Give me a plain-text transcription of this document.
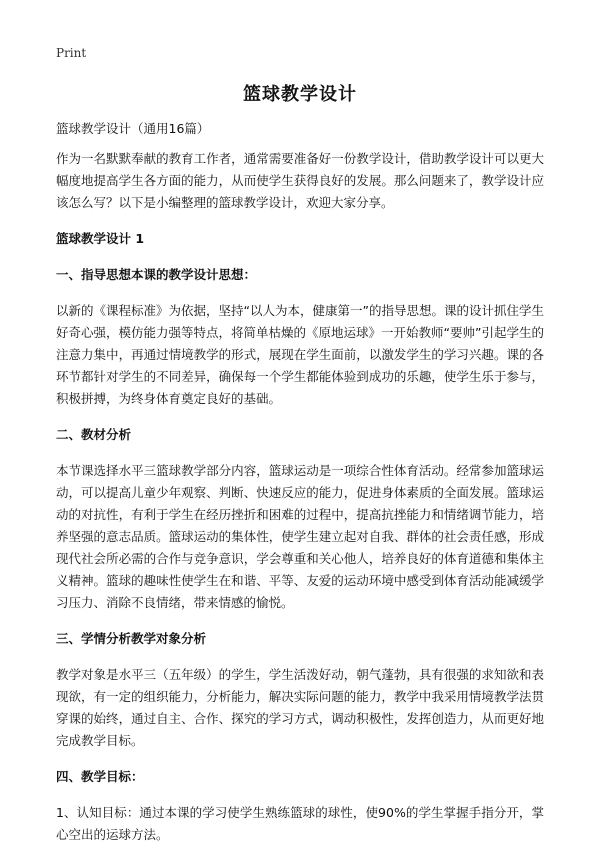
Print
篮球教学设计

篮球教学设计（通用16篇）

作为一名默默奉献的教育工作者，通常需要准备好一份教学设计，借助教学设计可以更大幅度地提高学生各方面的能力，从而使学生获得良好的发展。那么问题来了，教学设计应该怎么写？以下是小编整理的篮球教学设计，欢迎大家分享。

篮球教学设计 1

一、指导思想本课的教学设计思想：

以新的《课程标准》为依据，坚持“以人为本，健康第一”的指导思想。课的设计抓住学生好奇心强，模仿能力强等特点，将简单枯燥的《原地运球》一开始教师“要帅”引起学生的注意力集中，再通过情境教学的形式，展现在学生面前，以激发学生的学习兴趣。课的各环节都针对学生的不同差异，确保每一个学生都能体验到成功的乐趣，使学生乐于参与，积极拼搏，为终身体育奠定良好的基础。

二、教材分析

本节课选择水平三篮球教学部分内容，篮球运动是一项综合性体育活动。经常参加篮球运动，可以提高儿童少年观察、判断、快速反应的能力，促进身体素质的全面发展。篮球运动的对抗性，有利于学生在经历挫折和困难的过程中，提高抗挫能力和情绪调节能力，培养坚强的意志品质。篮球运动的集体性，使学生建立起对自我、群体的社会责任感，形成现代社会所必需的合作与竞争意识，学会尊重和关心他人，培养良好的体育道德和集体主义精神。篮球的趣味性使学生在和谐、平等、友爱的运动环境中感受到体育活动能减缓学习压力、消除不良情绪，带来情感的愉悦。

三、学情分析教学对象分析

教学对象是水平三（五年级）的学生，学生活泼好动，朝气蓬勃，具有很强的求知欲和表现欲，有一定的组织能力，分析能力，解决实际问题的能力，教学中我采用情境教学法贯穿课的始终，通过自主、合作、探究的学习方式，调动积极性，发挥创造力，从而更好地完成教学目标。

四、教学目标：

1、认知目标：通过本课的学习使学生熟练篮球的球性，使90%的学生掌握手指分开，掌心空出的运球方法。
